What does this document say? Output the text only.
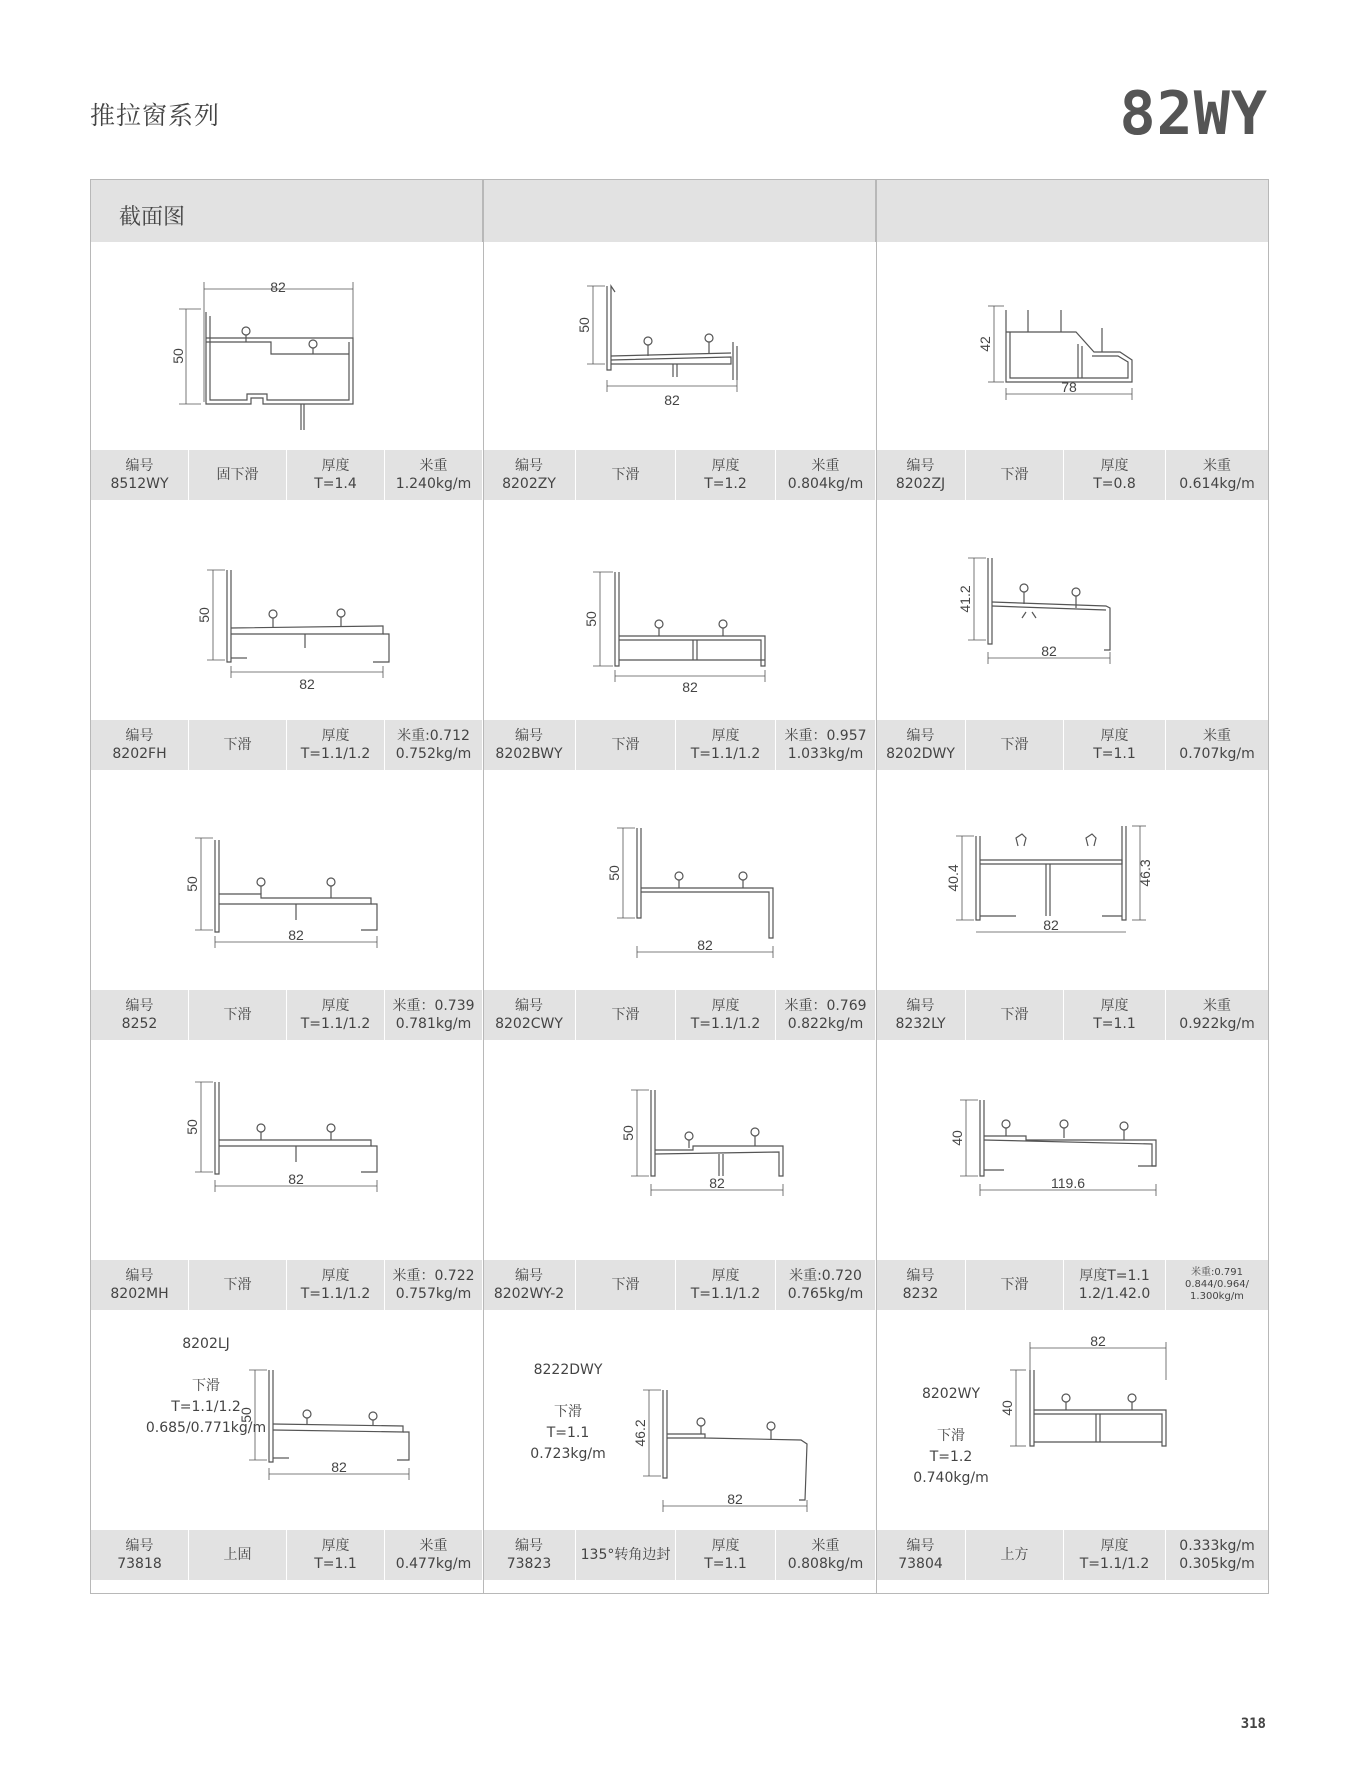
推拉窗系列	82WY
截面图
82
50
50
82
42
78
50
82
50
82
41.2
82
50
82
50
82
40.4	46.3
82
50
82
50
82
40
119.6
8202LJ
下滑
T=1.1/1.2
0.685/0.771kg/m
50
82
8222DWY
下滑
T=1.1
0.723kg/m
46.2
82
8202WY
下滑
T=1.2
0.740kg/m
82
40
编号
8512WY
固下滑
厚度
T=1.4
米重
1.240kg/m
编号
8202ZY
下滑
厚度
T=1.2
米重
0.804kg/m
编号
8202ZJ
下滑
厚度
T=0.8
米重
0.614kg/m
编号
8202FH
下滑
厚度
T=1.1/1.2
米重:0.712
0.752kg/m
编号
8202BWY
下滑
厚度
T=1.1/1.2
米重：0.957
1.033kg/m
编号
8202DWY
下滑
厚度
T=1.1
米重
0.707kg/m
编号
8252
下滑
厚度
T=1.1/1.2
米重：0.739
0.781kg/m
编号
8202CWY
下滑
厚度
T=1.1/1.2
米重：0.769
0.822kg/m
编号
8232LY
下滑
厚度
T=1.1
米重
0.922kg/m
编号
8202MH
下滑
厚度
T=1.1/1.2
米重：0.722
0.757kg/m
编号
8202WY-2
下滑
厚度
T=1.1/1.2
米重:0.720
0.765kg/m
编号
8232
下滑
厚度T=1.1
1.2/1.42.0
米重:0.791
0.844/0.964/
1.300kg/m
编号
73818
上固
厚度
T=1.1
米重
0.477kg/m
编号
73823
135°转角边封
厚度
T=1.1
米重
0.808kg/m
编号
73804
上方
厚度
T=1.1/1.2
0.333kg/m
0.305kg/m
318
